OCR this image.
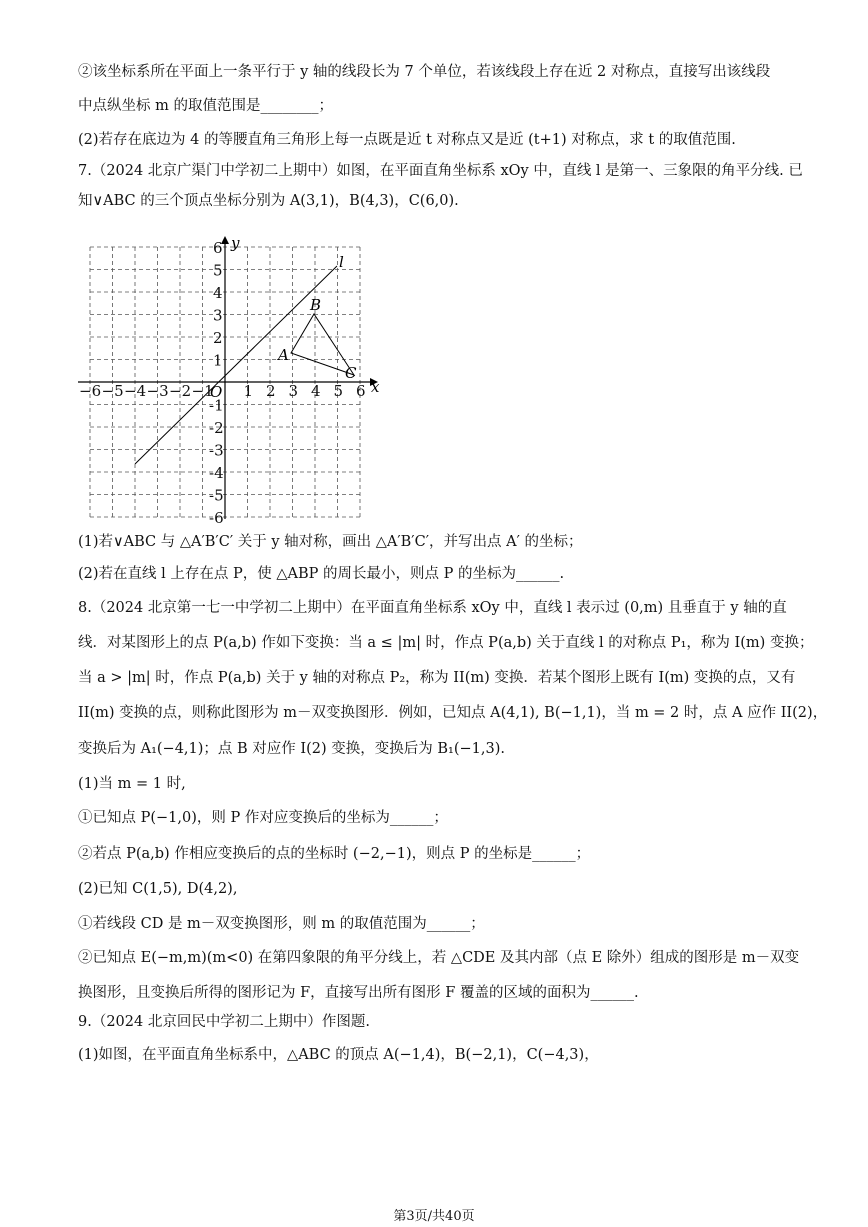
②该坐标系所在平面上一条平行于 y 轴的线段长为 7 个单位，若该线段上存在近 2 对称点，直接写出该线段
中点纵坐标 m 的取值范围是________；
(2)若存在底边为 4 的等腰直角三角形上每一点既是近 t 对称点又是近 (t+1) 对称点，求 t 的取值范围.
7.（2024 北京广渠门中学初二上期中）如图，在平面直角坐标系 xOy 中，直线 l 是第一、三象限的角平分线. 已
知∨ABC 的三个顶点坐标分别为 A(3,1)，B(4,3)，C(6,0).
−6 −5 −4 −3 −2 −1 1 2 3 4 5 6
1
2
3
4
5
6
-1
-2
-3
-4
-5
-6
x
y
O
l
A
B
C
(1)若∨ABC 与 △A′B′C′ 关于 y 轴对称，画出 △A′B′C′，并写出点 A′ 的坐标；
(2)若在直线 l 上存在点 P，使 △ABP 的周长最小，则点 P 的坐标为______.
8.（2024 北京第一七一中学初二上期中）在平面直角坐标系 xOy 中，直线 l 表示过 (0,m) 且垂直于 y 轴的直
线．对某图形上的点 P(a,b) 作如下变换：当 a ≤ |m| 时，作点 P(a,b) 关于直线 l 的对称点 P₁，称为 I(m) 变换；
当 a > |m| 时，作点 P(a,b) 关于 y 轴的对称点 P₂，称为 II(m) 变换．若某个图形上既有 I(m) 变换的点，又有
II(m) 变换的点，则称此图形为 m－双变换图形．例如，已知点 A(4,1), B(−1,1)，当 m = 2 时，点 A 应作 II(2)，
变换后为 A₁(−4,1)；点 B 对应作 I(2) 变换，变换后为 B₁(−1,3).
(1)当 m = 1 时,
①已知点 P(−1,0)，则 P 作对应变换后的坐标为______；
②若点 P(a,b) 作相应变换后的点的坐标时 (−2,−1)，则点 P 的坐标是______；
(2)已知 C(1,5), D(4,2),
①若线段 CD 是 m－双变换图形，则 m 的取值范围为______；
②已知点 E(−m,m)(m<0) 在第四象限的角平分线上，若 △CDE 及其内部（点 E 除外）组成的图形是 m－双变
换图形，且变换后所得的图形记为 F，直接写出所有图形 F 覆盖的区域的面积为______.
9.（2024 北京回民中学初二上期中）作图题.
(1)如图，在平面直角坐标系中，△ABC 的顶点 A(−1,4)，B(−2,1)，C(−4,3)，
第3页/共40页
